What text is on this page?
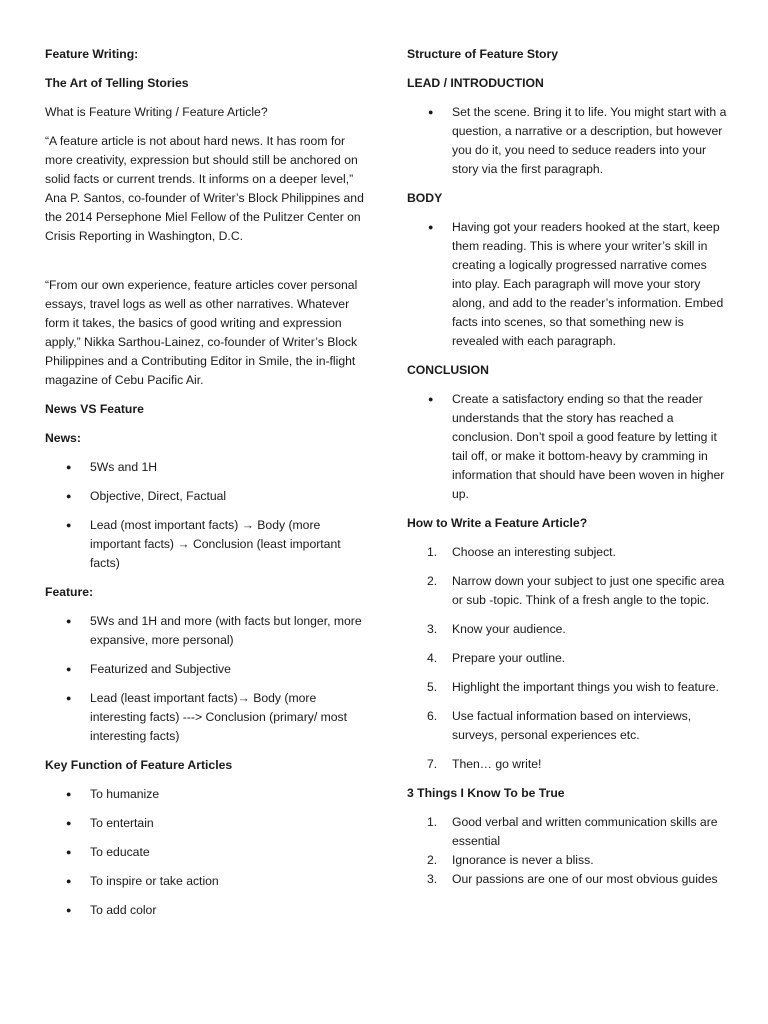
Feature Writing:
The Art of Telling Stories
What is Feature Writing / Feature Article?
“A feature article is not about hard news. It has room for more creativity, expression but should still be anchored on solid facts or current trends. It informs on a deeper level,” Ana P. Santos, co-founder of Writer’s Block Philippines and the 2014 Persephone Miel Fellow of the Pulitzer Center on Crisis Reporting in Washington, D.C.
“From our own experience, feature articles cover personal essays, travel logs as well as other narratives. Whatever form it takes, the basics of good writing and expression apply,” Nikka Sarthou-Lainez, co-founder of Writer’s Block Philippines and a Contributing Editor in Smile, the in-flight magazine of Cebu Pacific Air.
News VS Feature
News:
● 5Ws and 1H
● Objective, Direct, Factual
● Lead (most important facts) → Body (more important facts) → Conclusion (least important facts)
Feature:
● 5Ws and 1H and more (with facts but longer, more expansive, more personal)
● Featurized and Subjective
● Lead (least important facts)→ Body (more interesting facts) ---> Conclusion (primary/ most interesting facts)
Key Function of Feature Articles
● To humanize
● To entertain
● To educate
● To inspire or take action
● To add color
Structure of Feature Story
LEAD / INTRODUCTION
● Set the scene. Bring it to life. You might start with a question, a narrative or a description, but however you do it, you need to seduce readers into your story via the first paragraph.
BODY
● Having got your readers hooked at the start, keep them reading. This is where your writer’s skill in creating a logically progressed narrative comes into play. Each paragraph will move your story along, and add to the reader’s information. Embed facts into scenes, so that something new is revealed with each paragraph.
CONCLUSION
● Create a satisfactory ending so that the reader understands that the story has reached a conclusion. Don’t spoil a good feature by letting it tail off, or make it bottom-heavy by cramming in information that should have been woven in higher up.
How to Write a Feature Article?
1. Choose an interesting subject.
2. Narrow down your subject to just one specific area or sub -topic. Think of a fresh angle to the topic.
3. Know your audience.
4. Prepare your outline.
5. Highlight the important things you wish to feature.
6. Use factual information based on interviews, surveys, personal experiences etc.
7. Then… go write!
3 Things I Know To be True
1. Good verbal and written communication skills are essential
2. Ignorance is never a bliss.
3. Our passions are one of our most obvious guides
